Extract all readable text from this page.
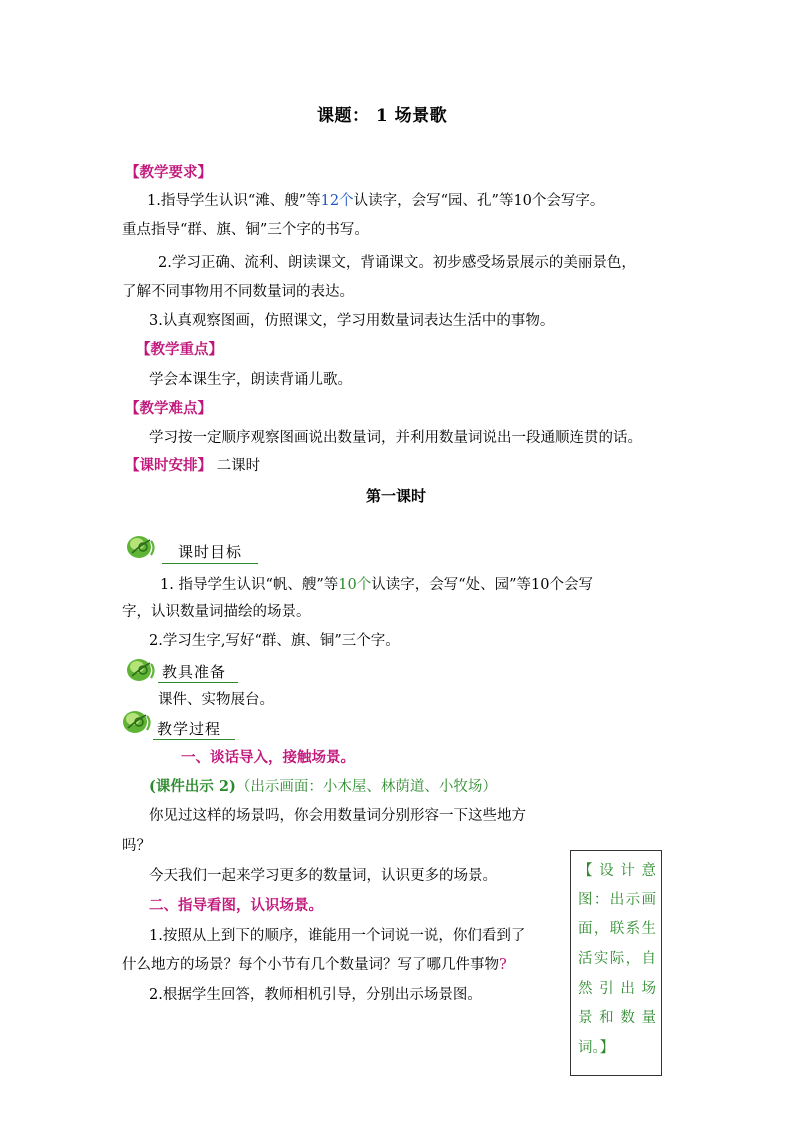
课题： 1 场景歌
【教学要求】
1.指导学生认识“滩、艘”等12个认读字，会写“园、孔”等10个会写字。
重点指导“群、旗、铜”三个字的书写。
2.学习正确、流利、朗读课文，背诵课文。初步感受场景展示的美丽景色，
了解不同事物用不同数量词的表达。
3.认真观察图画，仿照课文，学习用数量词表达生活中的事物。
【教学重点】
学会本课生字，朗读背诵儿歌。
【教学难点】
学习按一定顺序观察图画说出数量词，并利用数量词说出一段通顺连贯的话。
【课时安排】 二课时
第一课时
课时目标
1. 指导学生认识“帆、艘”等10个认读字，会写“处、园”等10个会写
字，认识数量词描绘的场景。
2.学习生字,写好“群、旗、铜”三个字。
教具准备
课件、实物展台。
教学过程
一、谈话导入，接触场景。
(课件出示 2)（出示画面：小木屋、林荫道、小牧场）
你见过这样的场景吗，你会用数量词分别形容一下这些地方
吗？
今天我们一起来学习更多的数量词，认识更多的场景。
二、指导看图，认识场景。
1.按照从上到下的顺序，谁能用一个词说一说，你们看到了
什么地方的场景？每个小节有几个数量词？写了哪几件事物?
2.根据学生回答，教师相机引导，分别出示场景图。
【设计意
图：出示画
面，联系生
活实际，自
然引出场
景和数量
词。】
